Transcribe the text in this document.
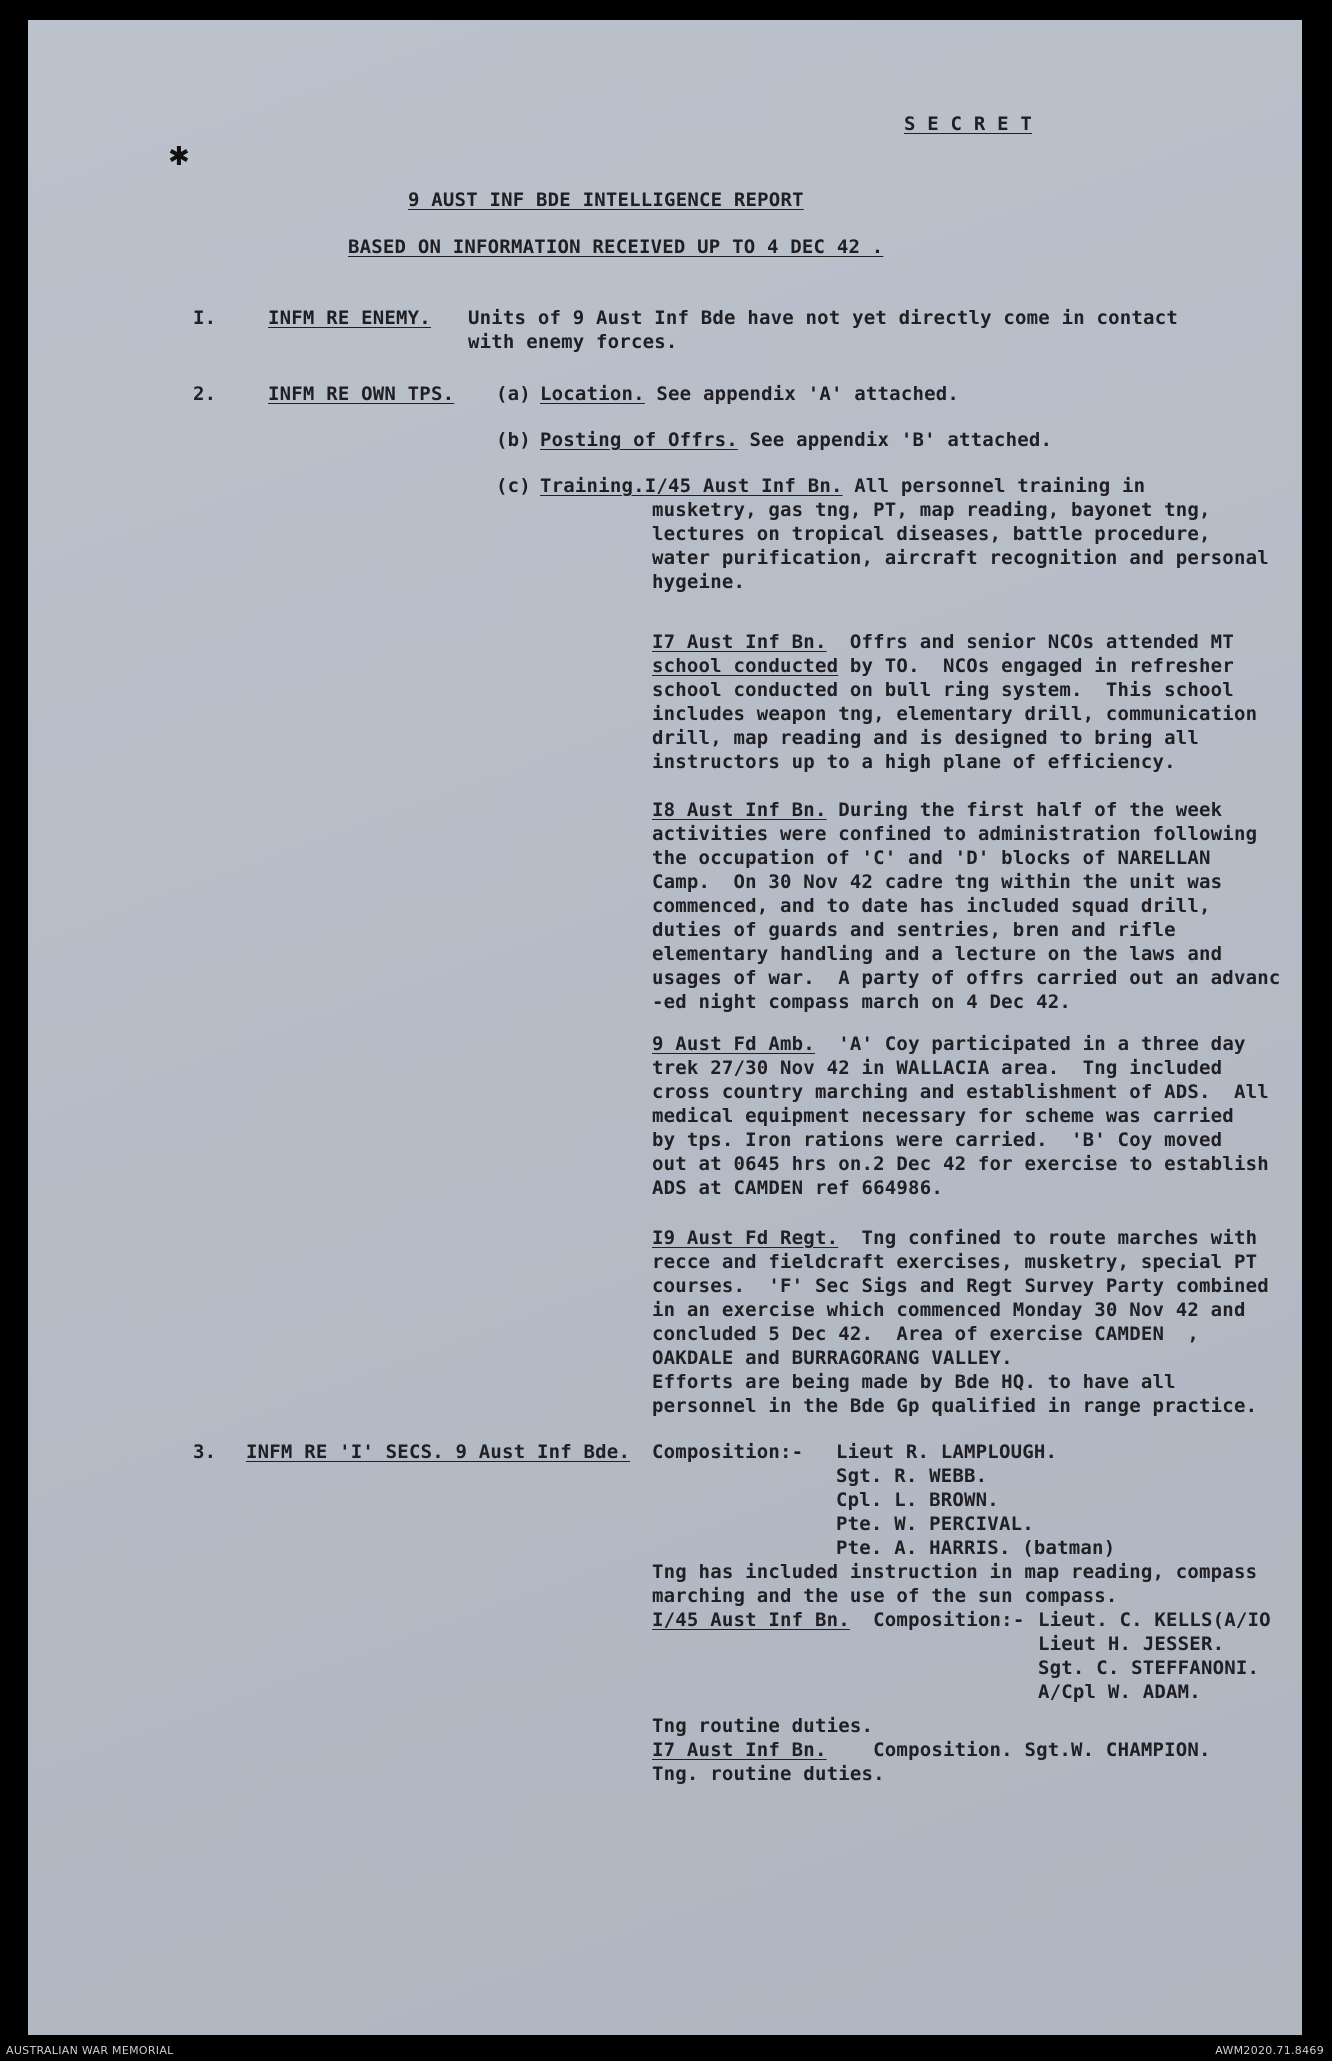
✱
S E C R E T
9 AUST INF BDE INTELLIGENCE REPORT
BASED ON INFORMATION RECEIVED UP TO 4 DEC 42 .
I.	INFM RE ENEMY. Units of 9 Aust Inf Bde have not yet directly come in contact
with enemy forces.
2.	INFM RE OWN TPS. (a) Location. See appendix 'A' attached.
(b) Posting of Offrs. See appendix 'B' attached.
(c) Training.I/45 Aust Inf Bn. All personnel training in
musketry, gas tng, PT, map reading, bayonet tng,
lectures on tropical diseases, battle procedure,
water purification, aircraft recognition and personal
hygeine.
I7 Aust Inf Bn.  Offrs and senior NCOs attended MT
school conducted by TO.  NCOs engaged in refresher
school conducted on bull ring system.  This school
includes weapon tng, elementary drill, communication
drill, map reading and is designed to bring all
instructors up to a high plane of efficiency.
I8 Aust Inf Bn. During the first half of the week
activities were confined to administration following
the occupation of 'C' and 'D' blocks of NARELLAN
Camp.  On 30 Nov 42 cadre tng within the unit was
commenced, and to date has included squad drill,
duties of guards and sentries, bren and rifle
elementary handling and a lecture on the laws and
usages of war.  A party of offrs carried out an advanc
-ed night compass march on 4 Dec 42.
9 Aust Fd Amb.  'A' Coy participated in a three day
trek 27/30 Nov 42 in WALLACIA area.  Tng included
cross country marching and establishment of ADS.  All
medical equipment necessary for scheme was carried
by tps. Iron rations were carried.  'B' Coy moved
out at 0645 hrs on.2 Dec 42 for exercise to establish
ADS at CAMDEN ref 664986.
I9 Aust Fd Regt.  Tng confined to route marches with
recce and fieldcraft exercises, musketry, special PT
courses.  'F' Sec Sigs and Regt Survey Party combined
in an exercise which commenced Monday 30 Nov 42 and
concluded 5 Dec 42.  Area of exercise CAMDEN  ,
OAKDALE and BURRAGORANG VALLEY.
Efforts are being made by Bde HQ. to have all
personnel in the Bde Gp qualified in range practice.
3. INFM RE 'I' SECS. 9 Aust Inf Bde. Composition:- Lieut R. LAMPLOUGH.
Sgt. R. WEBB.
Cpl. L. BROWN.
Pte. W. PERCIVAL.
Pte. A. HARRIS. (batman)
Tng has included instruction in map reading, compass
marching and the use of the sun compass.
I/45 Aust Inf Bn.  Composition:- Lieut. C. KELLS(A/IO
Lieut H. JESSER.
Sgt. C. STEFFANONI.
A/Cpl W. ADAM.
Tng routine duties.
I7 Aust Inf Bn.    Composition. Sgt.W. CHAMPION.
Tng. routine duties.
AUSTRALIAN WAR MEMORIAL	AWM2020.71.8469
